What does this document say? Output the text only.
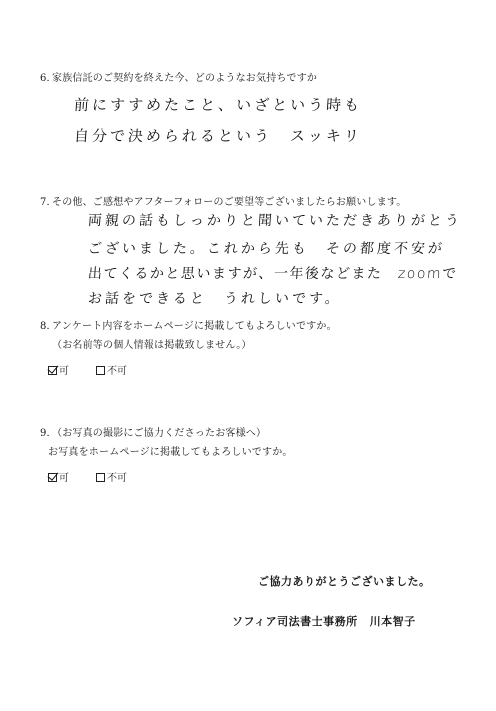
6．家族信託のご契約を終えた今、どのようなお気持ちですか
前にすすめたこと、いざという時も
自分で決められるという　スッキリ
7．その他、ご感想やアフターフォローのご要望等ございましたらお願いします。
両親の話もしっかりと聞いていただきありがとう
ございました。これから先も　その都度不安が
出てくるかと思いますが、一年後などまた　zoomで
お話をできると　うれしいです。
8．アンケート内容をホームページに掲載してもよろしいですか。
（お名前等の個人情報は掲載致しません。）
可	不可
9．（お写真の撮影にご協力くださったお客様へ）
お写真をホームページに掲載してもよろしいですか。
可	不可
ご協力ありがとうございました。
ソフィア司法書士事務所 川本智子
